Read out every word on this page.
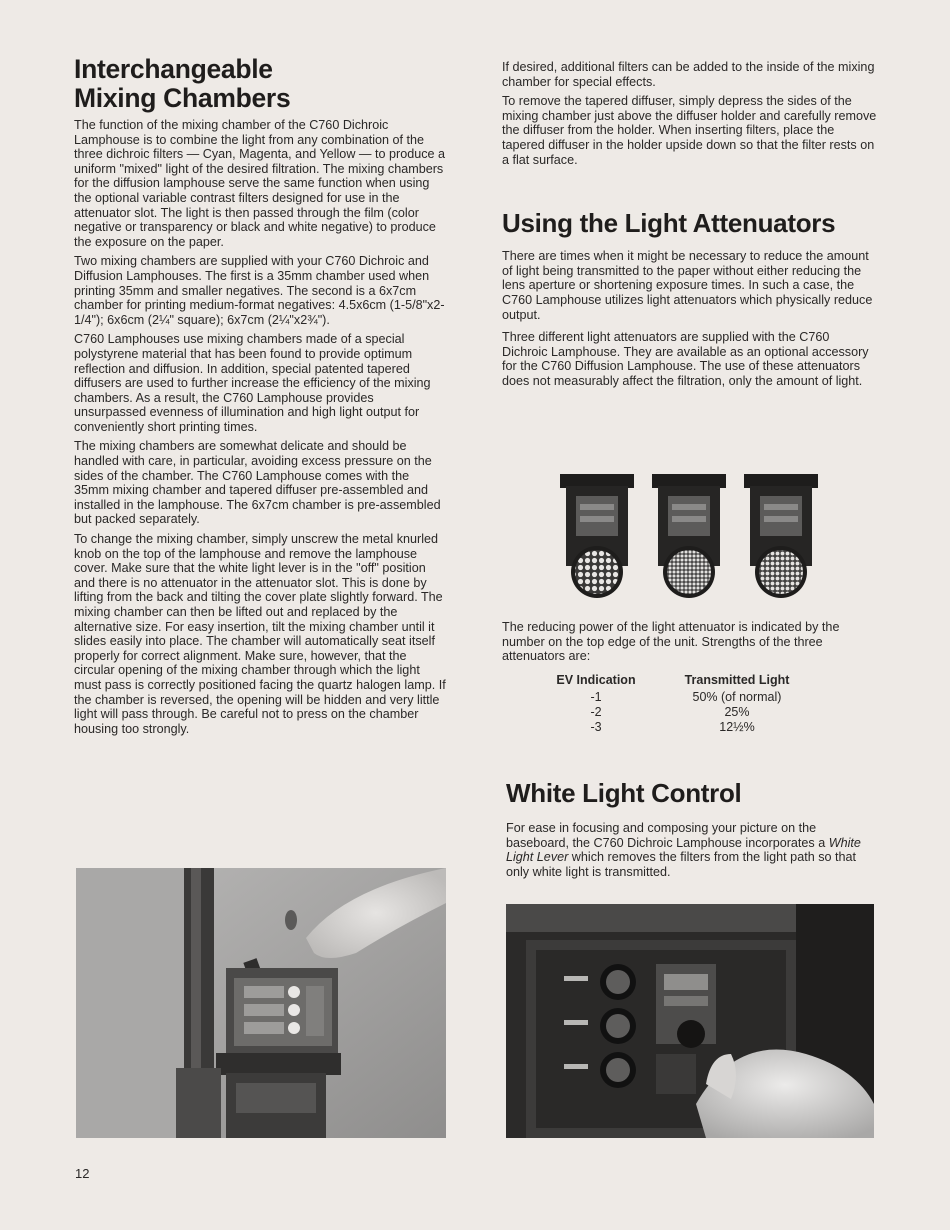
Interchangeable
Mixing Chambers

The function of the mixing chamber of the C760 Dichroic Lamphouse is to combine the light from any combination of the three dichroic filters — Cyan, Magenta, and Yellow — to produce a uniform "mixed" light of the desired filtration. The mixing chambers for the diffusion lamphouse serve the same function when using the optional variable contrast filters designed for use in the attenuator slot. The light is then passed through the film (color negative or transparency or black and white negative) to produce the exposure on the paper.

Two mixing chambers are supplied with your C760 Dichroic and Diffusion Lamphouses. The first is a 35mm chamber used when printing 35mm and smaller negatives. The second is a 6x7cm chamber for printing medium-format negatives: 4.5x6cm (1-5/8"x2-1/4"); 6x6cm (2¼" square); 6x7cm (2¼"x2¾").

C760 Lamphouses use mixing chambers made of a special polystyrene material that has been found to provide optimum reflection and diffusion. In addition, special patented tapered diffusers are used to further increase the efficiency of the mixing chambers. As a result, the C760 Lamphouse provides unsurpassed evenness of illumination and high light output for conveniently short printing times.

The mixing chambers are somewhat delicate and should be handled with care, in particular, avoiding excess pressure on the sides of the chamber. The C760 Lamphouse comes with the 35mm mixing chamber and tapered diffuser pre-assembled and installed in the lamphouse. The 6x7cm chamber is pre-assembled but packed separately.

To change the mixing chamber, simply unscrew the metal knurled knob on the top of the lamphouse and remove the lamphouse cover. Make sure that the white light lever is in the "off" position and there is no attenuator in the attenuator slot. This is done by lifting from the back and tilting the cover plate slightly forward. The mixing chamber can then be lifted out and replaced by the alternative size. For easy insertion, tilt the mixing chamber until it slides easily into place. The chamber will automatically seat itself properly for correct alignment. Make sure, however, that the circular opening of the mixing chamber through which the light must pass is correctly positioned facing the quartz halogen lamp. If the chamber is reversed, the opening will be hidden and very little light will pass through. Be careful not to press on the chamber housing too strongly.

If desired, additional filters can be added to the inside of the mixing chamber for special effects.

To remove the tapered diffuser, simply depress the sides of the mixing chamber just above the diffuser holder and carefully remove the diffuser from the holder. When inserting filters, place the tapered diffuser in the holder upside down so that the filter rests on a flat surface.

Using the Light Attenuators

There are times when it might be necessary to reduce the amount of light being transmitted to the paper without either reducing the lens aperture or shortening exposure times. In such a case, the C760 Lamphouse utilizes light attenuators which physically reduce output.

Three different light attenuators are supplied with the C760 Dichroic Lamphouse. They are available as an optional accessory for the C760 Diffusion Lamphouse. The use of these attenuators does not measurably affect the filtration, only the amount of light.

The reducing power of the light attenuator is indicated by the number on the top edge of the unit. Strengths of the three attenuators are:

EV Indication	Transmitted Light
-1	50% (of normal)
-2	25%
-3	12½%
White Light Control

For ease in focusing and composing your picture on the baseboard, the C760 Dichroic Lamphouse incorporates a White Light Lever which removes the filters from the light path so that only white light is transmitted.

12
